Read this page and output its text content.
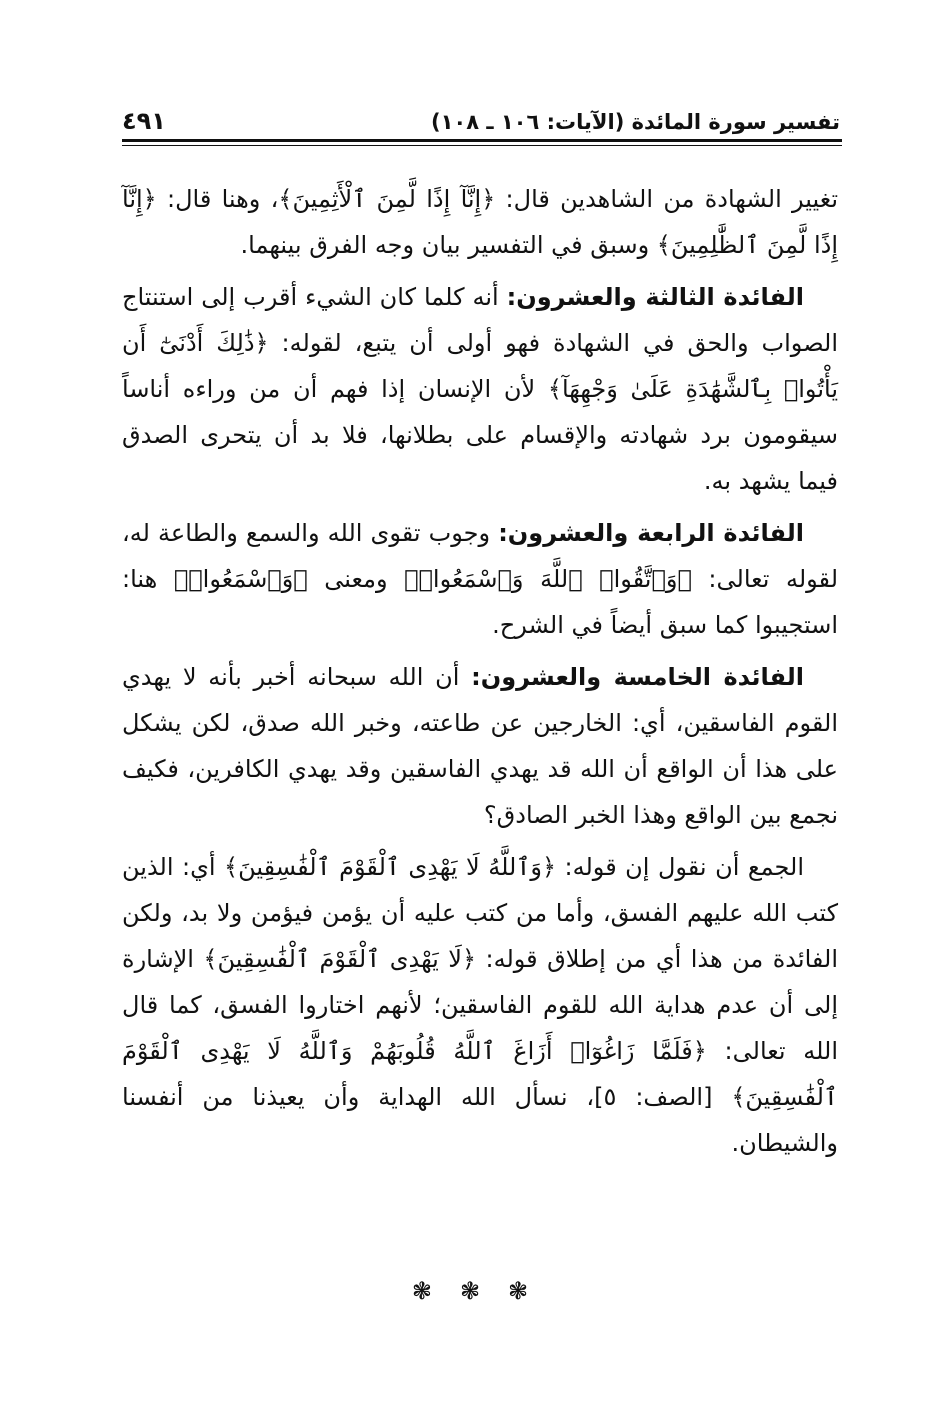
تفسير سورة المائدة (الآيات: ١٠٦ ـ ١٠٨)
٤٩١

تغيير الشهادة من الشاهدين قال: ﴿إِنَّآ إِذًا لَّمِنَ ٱلْأَثِمِينَ﴾، وهنا قال: ﴿إِنَّآ إِذًا لَّمِنَ ٱلظَّٰلِمِينَ﴾ وسبق في التفسير بيان وجه الفرق بينهما.

الفائدة الثالثة والعشرون: أنه كلما كان الشيء أقرب إلى استنتاج الصواب والحق في الشهادة فهو أولى أن يتبع، لقوله: ﴿ذَٰلِكَ أَدْنَىٰٓ أَن يَأْتُوا۟ بِٱلشَّهَٰدَةِ عَلَىٰ وَجْهِهَآ﴾ لأن الإنسان إذا فهم أن من وراءه أناساً سيقومون برد شهادته والإقسام على بطلانها، فلا بد أن يتحرى الصدق فيما يشهد به.

الفائدة الرابعة والعشرون: وجوب تقوى الله والسمع والطاعة له، لقوله تعالى: ﴿وَٱتَّقُوا۟ ٱللَّهَ وَٱسْمَعُوا۟﴾ ومعنى ﴿وَٱسْمَعُوا۟﴾ هنا: استجيبوا كما سبق أيضاً في الشرح.

الفائدة الخامسة والعشرون: أن الله سبحانه أخبر بأنه لا يهدي القوم الفاسقين، أي: الخارجين عن طاعته، وخبر الله صدق، لكن يشكل على هذا أن الواقع أن الله قد يهدي الفاسقين وقد يهدي الكافرين، فكيف نجمع بين الواقع وهذا الخبر الصادق؟

الجمع أن نقول إن قوله: ﴿وَٱللَّهُ لَا يَهْدِى ٱلْقَوْمَ ٱلْفَٰسِقِينَ﴾ أي: الذين كتب الله عليهم الفسق، وأما من كتب عليه أن يؤمن فيؤمن ولا بد، ولكن الفائدة من هذا أي من إطلاق قوله: ﴿لَا يَهْدِى ٱلْقَوْمَ ٱلْفَٰسِقِينَ﴾ الإشارة إلى أن عدم هداية الله للقوم الفاسقين؛ لأنهم اختاروا الفسق، كما قال الله تعالى: ﴿فَلَمَّا زَاغُوٓا۟ أَزَاغَ ٱللَّهُ قُلُوبَهُمْ وَٱللَّهُ لَا يَهْدِى ٱلْقَوْمَ ٱلْفَٰسِقِينَ﴾ [الصف: ٥]، نسأل الله الهداية وأن يعيذنا من أنفسنا والشيطان.

❃ ❃ ❃
